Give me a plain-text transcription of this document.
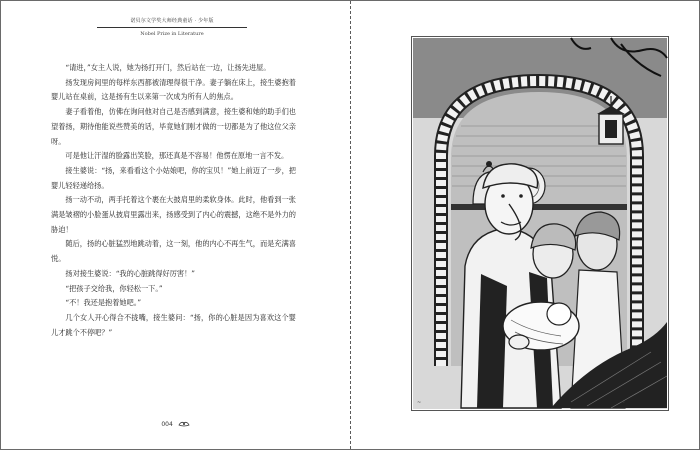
诺贝尔文学奖大师经典童话 · 少年版
Nobel Prize in Literature

“请进，”女主人说，她为扬打开门，然后站在一边，让扬先进屋。

扬发现房间里的每样东西都被清理得很干净。妻子躺在床上，接生婆抱着婴儿站在桌前，这是扬有生以来第一次成为所有人的焦点。

妻子看着他，仿佛在询问他对自己是否感到满意，接生婆和她的助手们也望着扬，期待他能说些赞美的话，毕竟她们刚才做的一切都是为了他这位父亲呀。

可是他让汗湿的脸露出笑脸，那还真是不容易！他愣在原地一言不发。

接生婆说：“扬，来看看这个小姑娘吧，你的宝贝！”她上前迈了一步，把婴儿轻轻递给扬。

扬一动不动，两手托着这个裹在大披肩里的柔软身体。此时，他看到一张满是皱褶的小脸蛋从披肩里露出来，扬感受到了内心的震撼，这绝不是外力的胁迫！

随后，扬的心脏猛烈地跳动着，这一刻，他的内心不再生气，而是充满喜悦。

扬对接生婆说：“我的心脏跳得好厉害！”

“把孩子交给我，你轻松一下。”

“不！我还是抱着她吧。”

几个女人开心得合不拢嘴，接生婆问：“扬，你的心脏是因为喜欢这个婴儿才跳个不停吧？”

004
~	~
